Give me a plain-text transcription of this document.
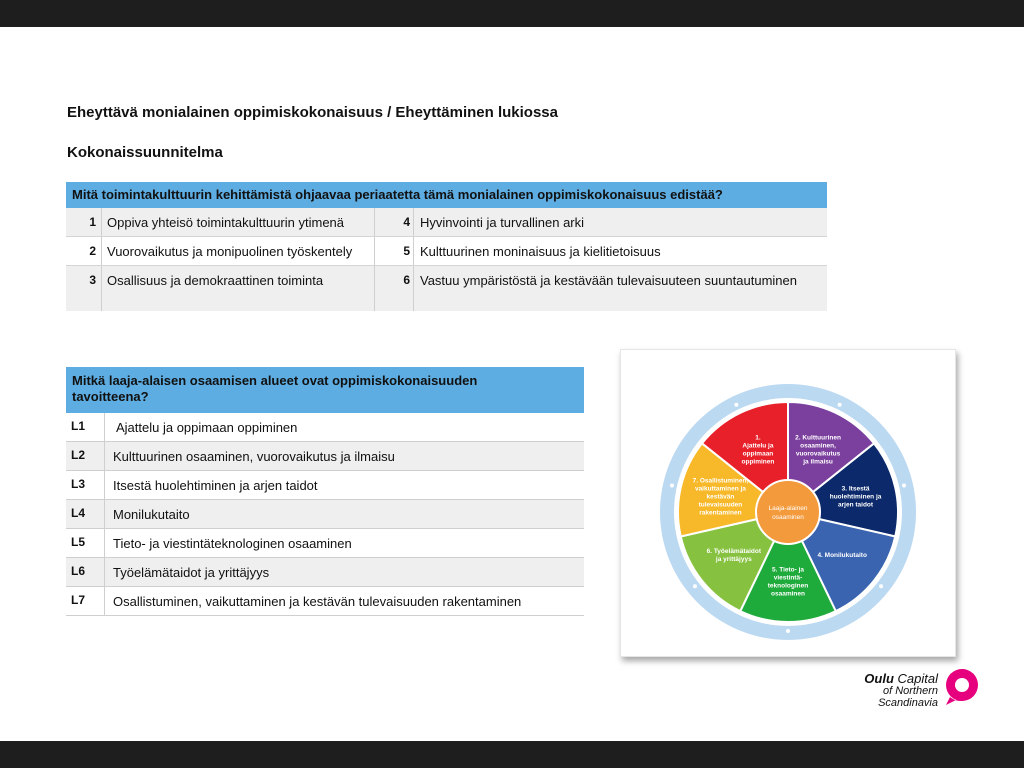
Eheyttävä monialainen oppimiskokonaisuus / Eheyttäminen lukiossa
Kokonaissuunnitelma
Mitä toimintakulttuurin kehittämistä ohjaavaa periaatetta tämä monialainen oppimiskokonaisuus edistää?
1 Oppiva yhteisö toimintakulttuurin ytimenä	4 Hyvinvointi ja turvallinen arki
2 Vuorovaikutus ja monipuolinen työskentely	5 Kulttuurinen moninaisuus ja kielitietoisuus
3 Osallisuus ja demokraattinen toiminta	6 Vastuu ympäristöstä ja kestävään tulevaisuuteen suuntautuminen
Mitkä laaja-alaisen osaamisen alueet ovat oppimiskokonaisuuden
tavoitteena?
L1 Ajattelu ja oppimaan oppiminen
L2 Kulttuurinen osaaminen, vuorovaikutus ja ilmaisu
L3 Itsestä huolehtiminen ja arjen taidot
L4 Monilukutaito
L5 Tieto- ja viestintäteknologinen osaaminen
L6 Työelämätaidot ja yrittäjyys
L7 Osallistuminen, vaikuttaminen ja kestävän tulevaisuuden rakentaminen
1. Ajattelu ja oppimaan oppiminen
2. Kulttuurinen osaaminen, vuorovaikutus ja ilmaisu
3. Itsestä huolehtiminen ja arjen taidot
4. Monilukutaito
5. Tieto- ja viestintä-teknologinen osaaminen
6. Työelämätaidot ja yrittäjyys
7. Osallistuminen, vaikuttaminen ja kestävän tulevaisuuden rakentaminen
Laaja-alainen
osaaminen
Oulu Capital
of Northern
Scandinavia
